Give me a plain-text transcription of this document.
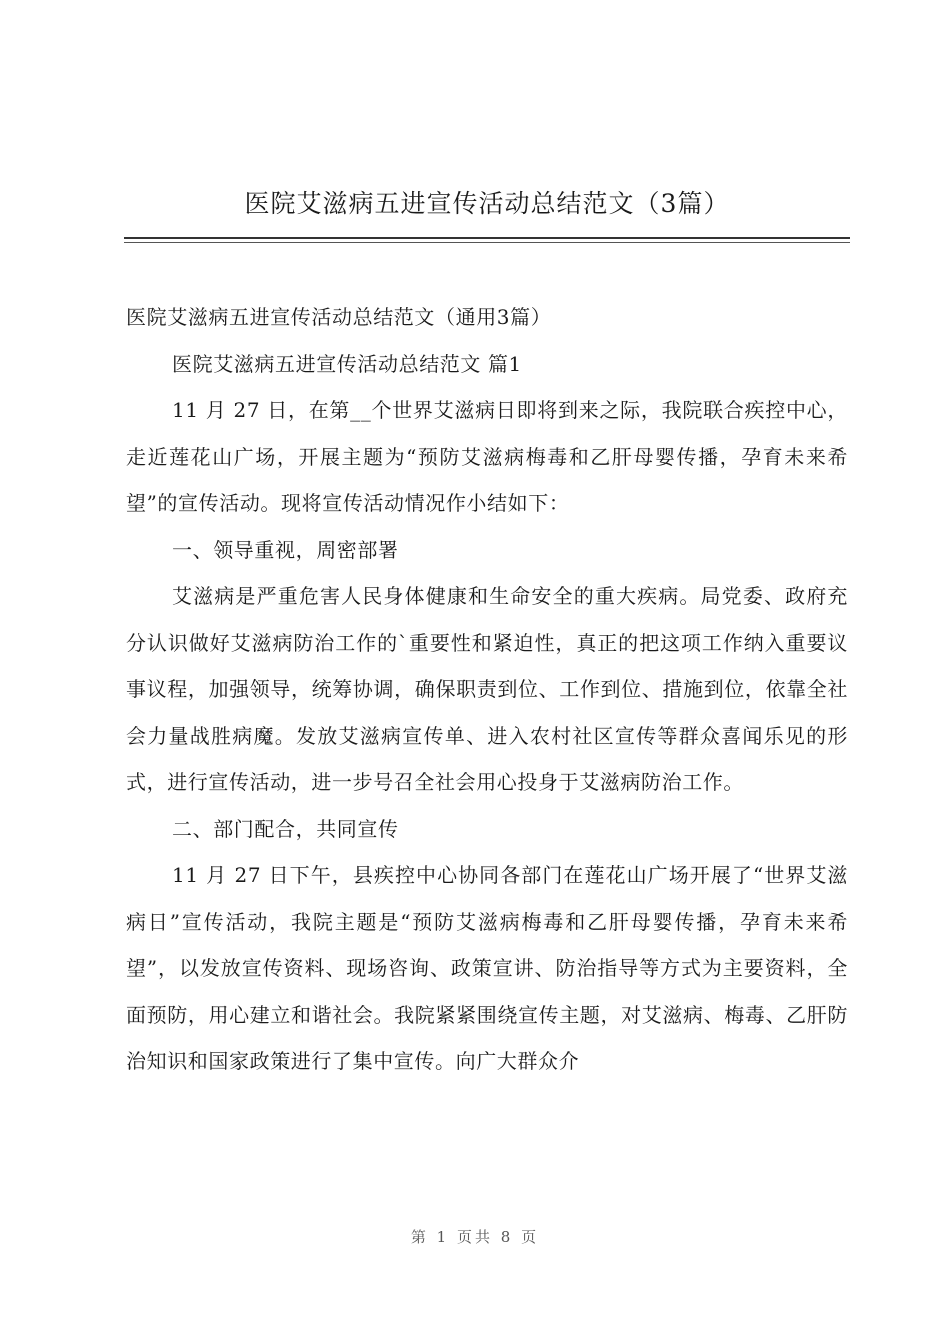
医院艾滋病五进宣传活动总结范文（3篇）

医院艾滋病五进宣传活动总结范文（通用3篇）

医院艾滋病五进宣传活动总结范文 篇1

11 月 27 日，在第__个世界艾滋病日即将到来之际，我院联合疾控中心，走近莲花山广场，开展主题为“预防艾滋病梅毒和乙肝母婴传播，孕育未来希望”的宣传活动。现将宣传活动情况作小结如下：

一、领导重视，周密部署

艾滋病是严重危害人民身体健康和生命安全的重大疾病。局党委、政府充分认识做好艾滋病防治工作的`重要性和紧迫性，真正的把这项工作纳入重要议事议程，加强领导，统筹协调，确保职责到位、工作到位、措施到位，依靠全社会力量战胜病魔。发放艾滋病宣传单、进入农村社区宣传等群众喜闻乐见的形式，进行宣传活动，进一步号召全社会用心投身于艾滋病防治工作。

二、部门配合，共同宣传

11 月 27 日下午，县疾控中心协同各部门在莲花山广场开展了“世界艾滋病日”宣传活动，我院主题是“预防艾滋病梅毒和乙肝母婴传播，孕育未来希望”，以发放宣传资料、现场咨询、政策宣讲、防治指导等方式为主要资料，全面预防，用心建立和谐社会。我院紧紧围绕宣传主题，对艾滋病、梅毒、乙肝防治知识和国家政策进行了集中宣传。向广大群众介

第 1 页共 8 页
